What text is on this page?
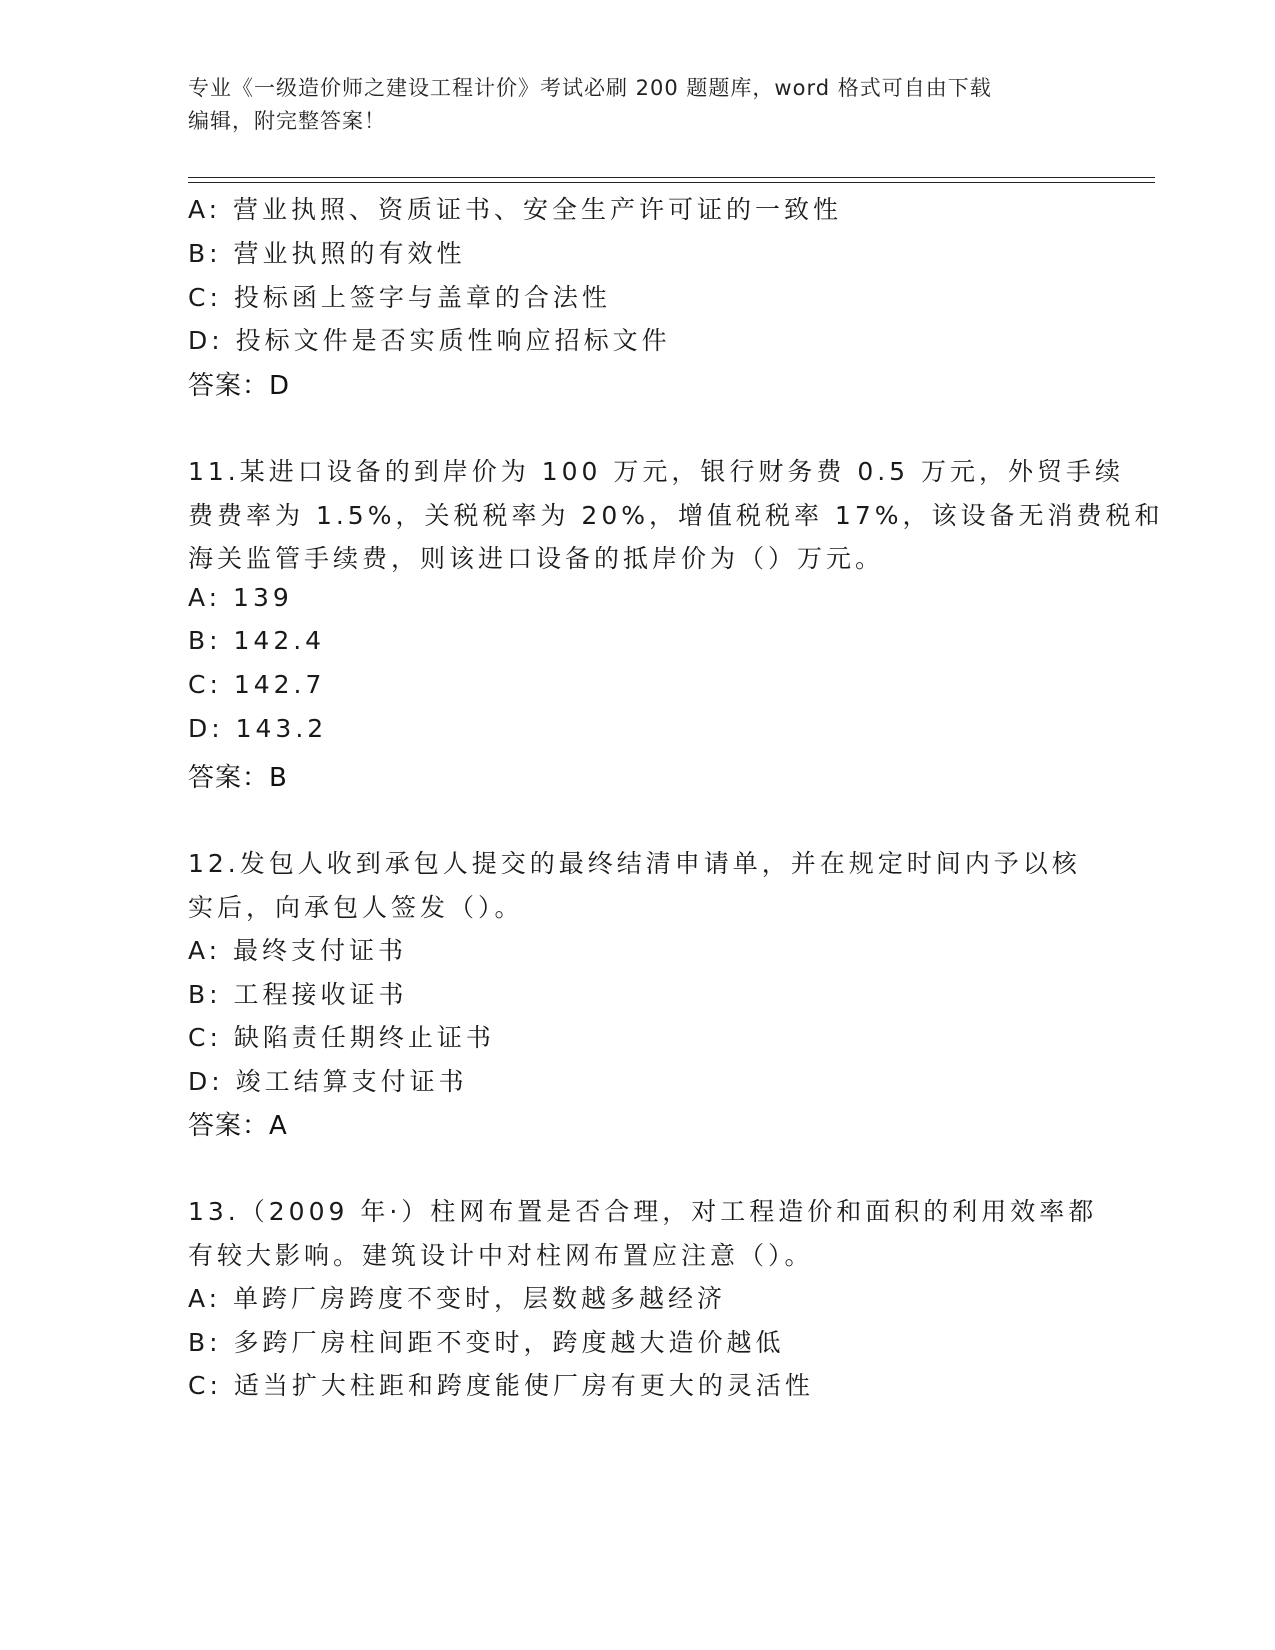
专业《一级造价师之建设工程计价》考试必刷 200 题题库，word 格式可自由下载
编辑，附完整答案！
A: 营业执照、资质证书、安全生产许可证的一致性
B: 营业执照的有效性
C: 投标函上签字与盖章的合法性
D: 投标文件是否实质性响应招标文件
答案：D
11.某进口设备的到岸价为 100 万元，银行财务费 0.5 万元，外贸手续
费费率为 1.5%，关税税率为 20%，增值税税率 17%，该设备无消费税和
海关监管手续费，则该进口设备的抵岸价为（）万元。
A: 139
B: 142.4
C: 142.7
D: 143.2
答案：B
12.发包人收到承包人提交的最终结清申请单，并在规定时间内予以核
实后，向承包人签发（）。
A: 最终支付证书
B: 工程接收证书
C: 缺陷责任期终止证书
D: 竣工结算支付证书
答案：A
13.（2009 年·）柱网布置是否合理，对工程造价和面积的利用效率都
有较大影响。建筑设计中对柱网布置应注意（）。
A: 单跨厂房跨度不变时，层数越多越经济
B: 多跨厂房柱间距不变时，跨度越大造价越低
C: 适当扩大柱距和跨度能使厂房有更大的灵活性
